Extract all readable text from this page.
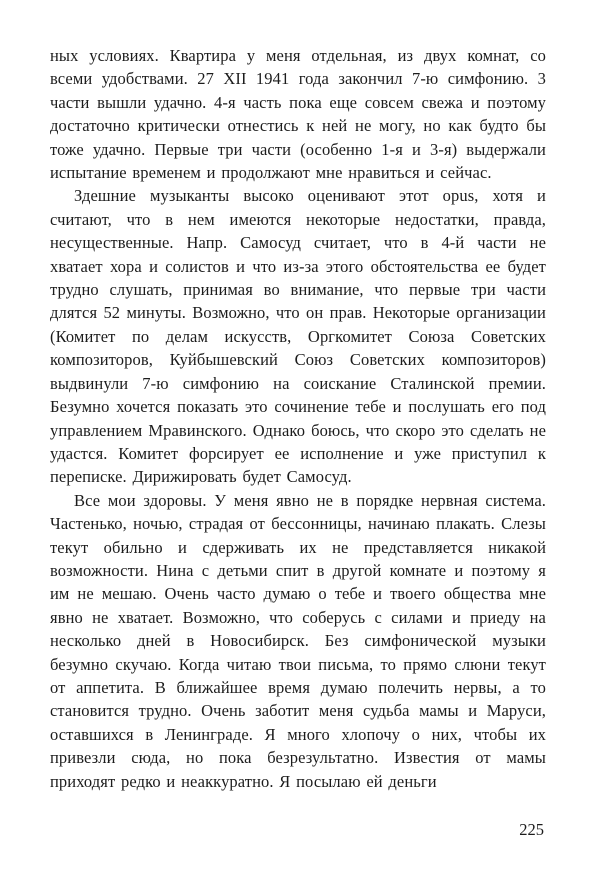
ных условиях. Квартира у меня отдельная, из двух комнат, со всеми удобствами. 27 XII 1941 года закончил 7-ю симфонию. 3 части вышли удачно. 4-я часть пока еще совсем свежа и поэтому достаточно критически отнестись к ней не могу, но как будто бы тоже удачно. Первые три части (особенно 1-я и 3-я) выдержали испытание временем и продолжают мне нравиться и сейчас.

Здешние музыканты высоко оценивают этот opus, хотя и считают, что в нем имеются некоторые недостатки, правда, несущественные. Напр. Самосуд считает, что в 4-й части не хватает хора и солистов и что из-за этого обстоятельства ее будет трудно слушать, принимая во внимание, что первые три части длятся 52 минуты. Возможно, что он прав. Некоторые организации (Комитет по делам искусств, Оргкомитет Союза Советских композиторов, Куйбышевский Союз Советских композиторов) выдвинули 7-ю симфонию на соискание Сталинской премии. Безумно хочется показать это сочинение тебе и послушать его под управлением Мравинского. Однако боюсь, что скоро это сделать не удастся. Комитет форсирует ее исполнение и уже приступил к переписке. Дирижировать будет Самосуд.

Все мои здоровы. У меня явно не в порядке нервная система. Частенько, ночью, страдая от бессонницы, начинаю плакать. Слезы текут обильно и сдерживать их не представляется никакой возможности. Нина с детьми спит в другой комнате и поэтому я им не мешаю. Очень часто думаю о тебе и твоего общества мне явно не хватает. Возможно, что соберусь с силами и приеду на несколько дней в Новосибирск. Без симфонической музыки безумно скучаю. Когда читаю твои письма, то прямо слюни текут от аппетита. В ближайшее время думаю полечить нервы, а то становится трудно. Очень заботит меня судьба мамы и Маруси, оставшихся в Ленинграде. Я много хлопочу о них, чтобы их привезли сюда, но пока безрезультатно. Известия от мамы приходят редко и неаккуратно. Я посылаю ей деньги

225
